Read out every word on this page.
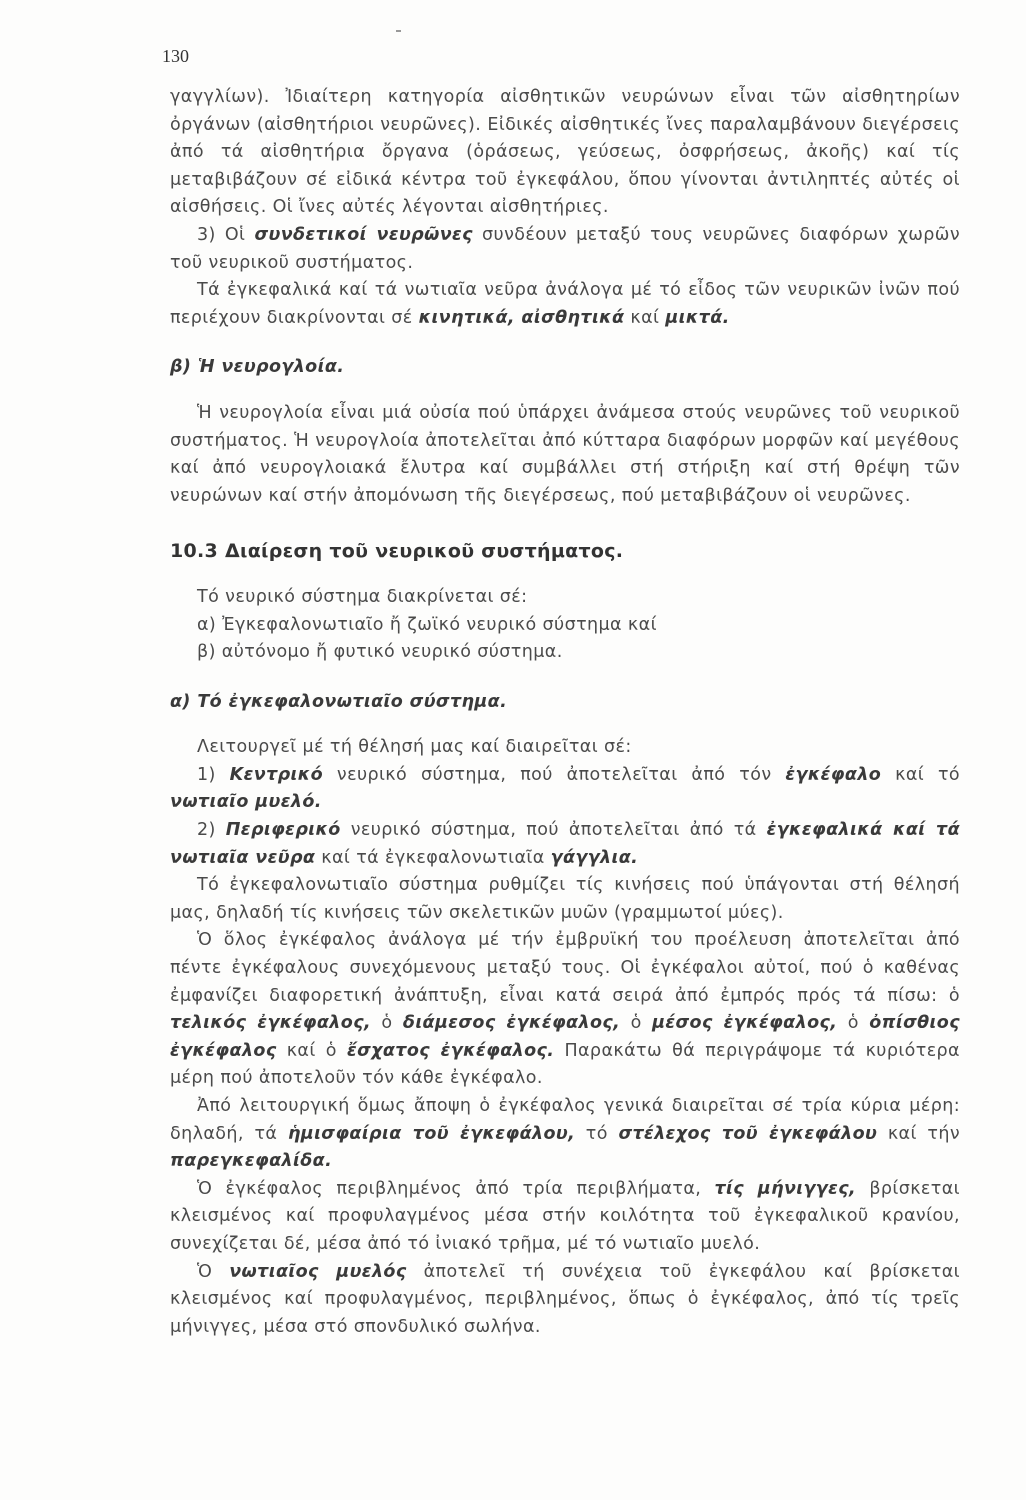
130

γαγγλίων). Ἰδιαίτερη κατηγορία αἰσθητικῶν νευρώνων εἶναι τῶν αἰσθητηρίων ὀργάνων (αἰσθητήριοι νευρῶνες). Εἰδικές αἰσθητικές ἴνες παραλαμβάνουν διεγέρσεις ἀπό τά αἰσθητήρια ὄργανα (ὁράσεως, γεύσεως, ὀσφρήσεως, ἀκοῆς) καί τίς μεταβιβάζουν σέ εἰδικά κέντρα τοῦ ἐγκεφάλου, ὅπου γίνονται ἀντιληπτές αὐτές οἱ αἰσθήσεις. Οἱ ἴνες αὐτές λέγονται αἰσθητήριες.

3) Οἱ συνδετικοί νευρῶνες συνδέουν μεταξύ τους νευρῶνες διαφόρων χωρῶν τοῦ νευρικοῦ συστήματος.

Τά ἐγκεφαλικά καί τά νωτιαῖα νεῦρα ἀνάλογα μέ τό εἶδος τῶν νευρικῶν ἰνῶν πού περιέχουν διακρίνονται σέ κινητικά, αἰσθητικά καί μικτά.

β) Ἡ νευρογλοία.

Ἡ νευρογλοία εἶναι μιά οὐσία πού ὑπάρχει ἀνάμεσα στούς νευρῶνες τοῦ νευρικοῦ συστήματος. Ἡ νευρογλοία ἀποτελεῖται ἀπό κύτταρα διαφόρων μορφῶν καί μεγέθους καί ἀπό νευρογλοιακά ἔλυτρα καί συμβάλλει στή στήριξη καί στή θρέψη τῶν νευρώνων καί στήν ἀπομόνωση τῆς διεγέρσεως, πού μεταβιβάζουν οἱ νευρῶνες.

10.3 Διαίρεση τοῦ νευρικοῦ συστήματος.

Τό νευρικό σύστημα διακρίνεται σέ:

α) Ἐγκεφαλονωτιαῖο ἤ ζωϊκό νευρικό σύστημα καί

β) αὐτόνομο ἤ φυτικό νευρικό σύστημα.

α) Τό ἐγκεφαλονωτιαῖο σύστημα.

Λειτουργεῖ μέ τή θέλησή μας καί διαιρεῖται σέ:

1) Κεντρικό νευρικό σύστημα, πού ἀποτελεῖται ἀπό τόν ἐγκέφαλο καί τό νωτιαῖο μυελό.

2) Περιφερικό νευρικό σύστημα, πού ἀποτελεῖται ἀπό τά ἐγκεφαλικά καί τά νωτιαῖα νεῦρα καί τά ἐγκεφαλονωτιαῖα γάγγλια.

Τό ἐγκεφαλονωτιαῖο σύστημα ρυθμίζει τίς κινήσεις πού ὑπάγονται στή θέλησή μας, δηλαδή τίς κινήσεις τῶν σκελετικῶν μυῶν (γραμμωτοί μύες).

Ὁ ὅλος ἐγκέφαλος ἀνάλογα μέ τήν ἐμβρυϊκή του προέλευση ἀποτελεῖται ἀπό πέντε ἐγκέφαλους συνεχόμενους μεταξύ τους. Οἱ ἐγκέφαλοι αὐτοί, πού ὁ καθένας ἐμφανίζει διαφορετική ἀνάπτυξη, εἶναι κατά σειρά ἀπό ἐμπρός πρός τά πίσω: ὁ τελικός ἐγκέφαλος, ὁ διάμεσος ἐγκέφαλος, ὁ μέσος ἐγκέφαλος, ὁ ὀπίσθιος ἐγκέφαλος καί ὁ ἔσχατος ἐγκέφαλος. Παρακάτω θά περιγράψομε τά κυριότερα μέρη πού ἀποτελοῦν τόν κάθε ἐγκέφαλο.

Ἀπό λειτουργική ὅμως ἄποψη ὁ ἐγκέφαλος γενικά διαιρεῖται σέ τρία κύρια μέρη: δηλαδή, τά ἡμισφαίρια τοῦ ἐγκεφάλου, τό στέλεχος τοῦ ἐγκεφάλου καί τήν παρεγκεφαλίδα.

Ὁ ἐγκέφαλος περιβλημένος ἀπό τρία περιβλήματα, τίς μήνιγγες, βρίσκεται κλεισμένος καί προφυλαγμένος μέσα στήν κοιλότητα τοῦ ἐγκεφαλικοῦ κρανίου, συνεχίζεται δέ, μέσα ἀπό τό ἰνιακό τρῆμα, μέ τό νωτιαῖο μυελό.

Ὁ νωτιαῖος μυελός ἀποτελεῖ τή συνέχεια τοῦ ἐγκεφάλου καί βρίσκεται κλεισμένος καί προφυλαγμένος, περιβλημένος, ὅπως ὁ ἐγκέφαλος, ἀπό τίς τρεῖς μήνιγγες, μέσα στό σπονδυλικό σωλήνα.
